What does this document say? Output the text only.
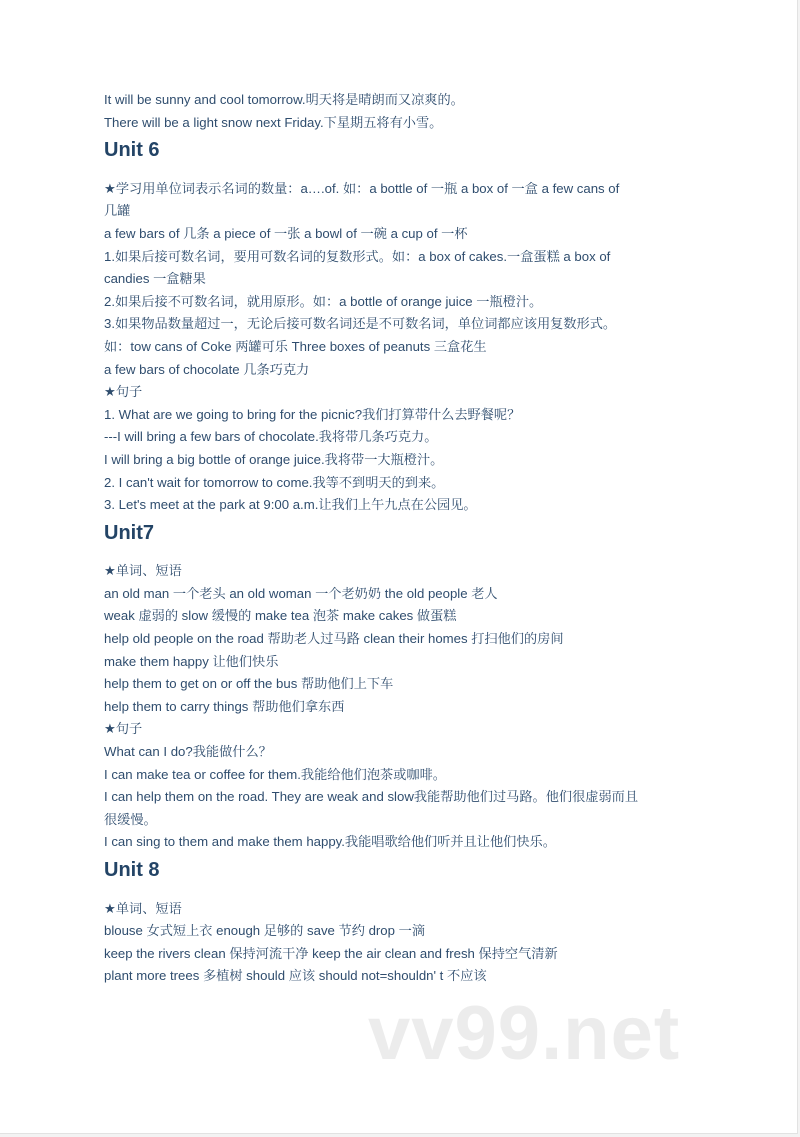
It will be sunny and cool tomorrow.明天将是晴朗而又凉爽的。
There will be a light snow next Friday.下星期五将有小雪。
Unit 6
★学习用单位词表示名词的数量：a….of. 如：a bottle of 一瓶 a box of 一盒 a few cans of
几罐
a few bars of 几条 a piece of 一张 a bowl of 一碗 a cup of 一杯
1.如果后接可数名词，要用可数名词的复数形式。如：a box of cakes.一盒蛋糕 a box of
candies 一盒糖果
2.如果后接不可数名词，就用原形。如：a bottle of orange juice 一瓶橙汁。
3.如果物品数量超过一，无论后接可数名词还是不可数名词，单位词都应该用复数形式。
如：tow cans of Coke 两罐可乐 Three boxes of peanuts 三盒花生
a few bars of chocolate 几条巧克力
★句子
1. What are we going to bring for the picnic?我们打算带什么去野餐呢？
---I will bring a few bars of chocolate.我将带几条巧克力。
I will bring a big bottle of orange juice.我将带一大瓶橙汁。
2. I can't wait for tomorrow to come.我等不到明天的到来。
3. Let's meet at the park at 9:00 a.m.让我们上午九点在公园见。
Unit7
★单词、短语
an old man 一个老头 an old woman 一个老奶奶 the old people 老人
weak 虚弱的 slow 缓慢的 make tea 泡茶 make cakes 做蛋糕
help old people on the road 帮助老人过马路 clean their homes 打扫他们的房间
make them happy 让他们快乐
help them to get on or off the bus 帮助他们上下车
help them to carry things 帮助他们拿东西
★句子
What can I do?我能做什么？
I can make tea or coffee for them.我能给他们泡茶或咖啡。
I can help them on the road. They are weak and slow我能帮助他们过马路。他们很虚弱而且
很缓慢。
I can sing to them and make them happy.我能唱歌给他们听并且让他们快乐。
Unit 8
★单词、短语
blouse 女式短上衣 enough 足够的 save 节约 drop 一滴
keep the rivers clean 保持河流干净 keep the air clean and fresh 保持空气清新
plant more trees 多植树 should 应该 should not=shouldn' t 不应该
vv99.net
